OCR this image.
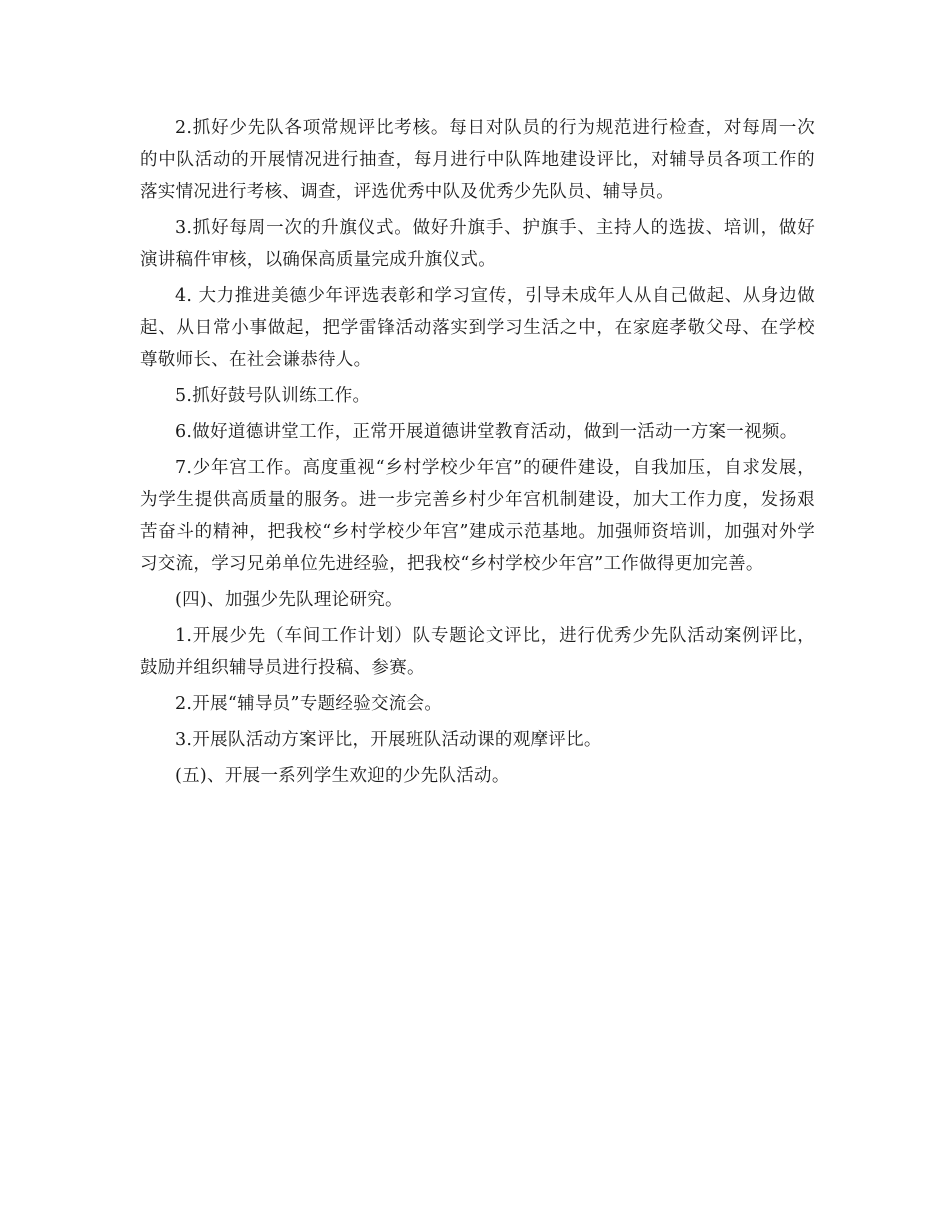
2.抓好少先队各项常规评比考核。每日对队员的行为规范进行检查，对每周一次的中队活动的开展情况进行抽查，每月进行中队阵地建设评比，对辅导员各项工作的落实情况进行考核、调查，评选优秀中队及优秀少先队员、辅导员。

3.抓好每周一次的升旗仪式。做好升旗手、护旗手、主持人的选拔、培训，做好演讲稿件审核，以确保高质量完成升旗仪式。

4. 大力推进美德少年评选表彰和学习宣传，引导未成年人从自己做起、从身边做起、从日常小事做起，把学雷锋活动落实到学习生活之中，在家庭孝敬父母、在学校尊敬师长、在社会谦恭待人。

5.抓好鼓号队训练工作。

6.做好道德讲堂工作，正常开展道德讲堂教育活动，做到一活动一方案一视频。

7.少年宫工作。高度重视“乡村学校少年宫”的硬件建设，自我加压，自求发展，为学生提供高质量的服务。进一步完善乡村少年宫机制建设，加大工作力度，发扬艰苦奋斗的精神，把我校“乡村学校少年宫”建成示范基地。加强师资培训，加强对外学习交流，学习兄弟单位先进经验，把我校“乡村学校少年宫”工作做得更加完善。

(四)、加强少先队理论研究。

1.开展少先（车间工作计划）队专题论文评比，进行优秀少先队活动案例评比，鼓励并组织辅导员进行投稿、参赛。

2.开展“辅导员”专题经验交流会。

3.开展队活动方案评比，开展班队活动课的观摩评比。

(五)、开展一系列学生欢迎的少先队活动。
